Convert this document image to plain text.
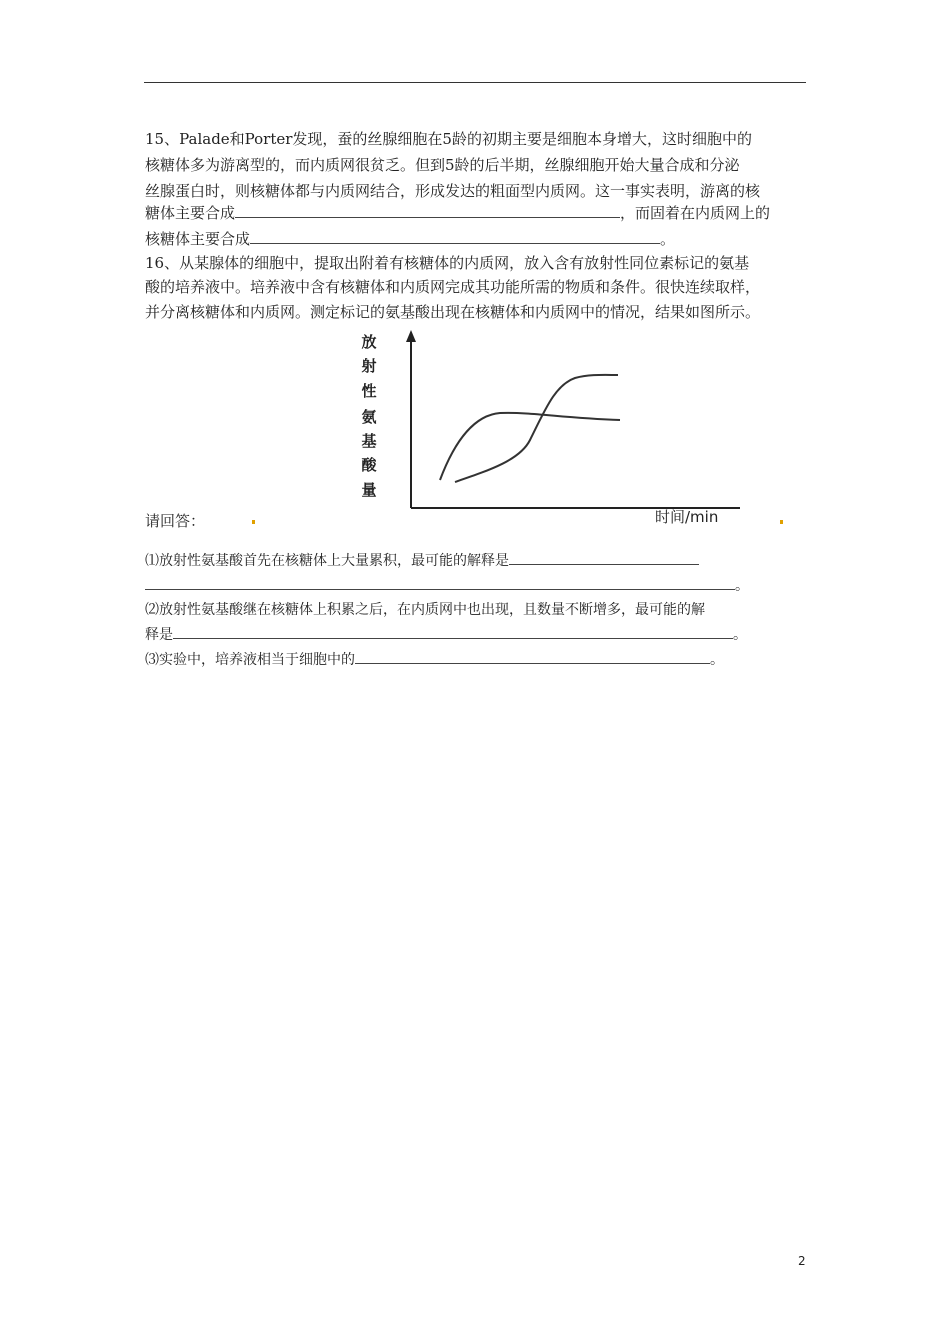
15、Palade和Porter发现，蚕的丝腺细胞在5龄的初期主要是细胞本身增大，这时细胞中的
核糖体多为游离型的，而内质网很贫乏。但到5龄的后半期，丝腺细胞开始大量合成和分泌
丝腺蛋白时，则核糖体都与内质网结合，形成发达的粗面型内质网。这一事实表明，游离的核
糖体主要合成	，而固着在内质网上的
核糖体主要合成	。
16、从某腺体的细胞中，提取出附着有核糖体的内质网，放入含有放射性同位素标记的氨基
酸的培养液中。培养液中含有核糖体和内质网完成其功能所需的物质和条件。很快连续取样，
并分离核糖体和内质网。测定标记的氨基酸出现在核糖体和内质网中的情况，结果如图所示。
放
射
性
氨
基
酸
量
时间/min
请回答：
⑴放射性氨基酸首先在核糖体上大量累积，最可能的解释是
。
⑵放射性氨基酸继在核糖体上积累之后，在内质网中也出现，且数量不断增多，最可能的解
释是	。
⑶实验中，培养液相当于细胞中的	。
2
